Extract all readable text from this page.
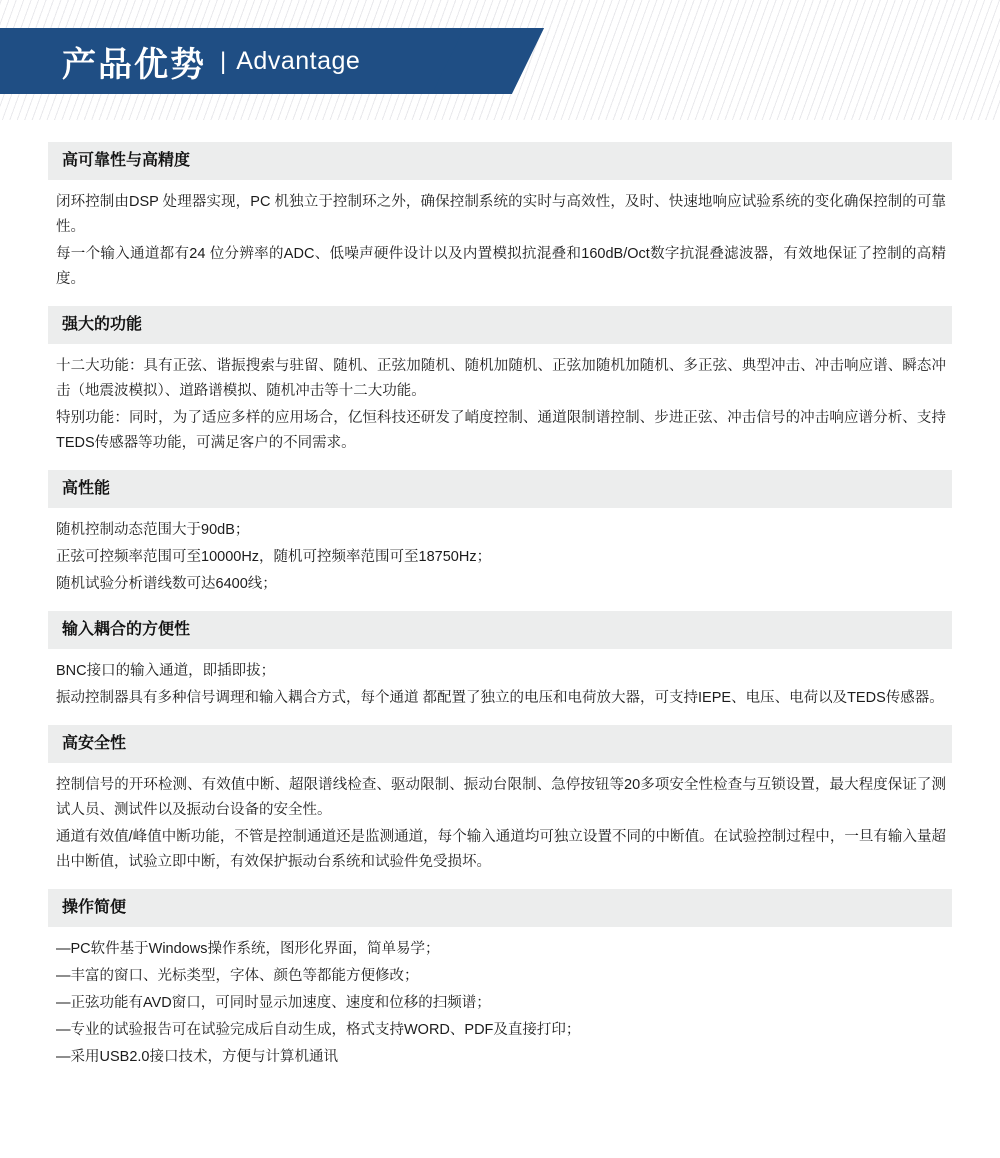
产品优势 | Advantage
高可靠性与高精度

闭环控制由DSP 处理器实现，PC 机独立于控制环之外，确保控制系统的实时与高效性，及时、快速地响应试验系统的变化确保控制的可靠性。

每一个输入通道都有24 位分辨率的ADC、低噪声硬件设计以及内置模拟抗混叠和160dB/Oct数字抗混叠滤波器，有效地保证了控制的高精度。

强大的功能

十二大功能：具有正弦、谐振搜索与驻留、随机、正弦加随机、随机加随机、正弦加随机加随机、多正弦、典型冲击、冲击响应谱、瞬态冲击（地震波模拟）、道路谱模拟、随机冲击等十二大功能。

特别功能：同时，为了适应多样的应用场合，亿恒科技还研发了峭度控制、通道限制谱控制、步进正弦、冲击信号的冲击响应谱分析、支持TEDS传感器等功能，可满足客户的不同需求。

高性能

随机控制动态范围大于90dB；

正弦可控频率范围可至10000Hz，随机可控频率范围可至18750Hz；

随机试验分析谱线数可达6400线；

输入耦合的方便性

BNC接口的输入通道，即插即拔；

振动控制器具有多种信号调理和输入耦合方式，每个通道 都配置了独立的电压和电荷放大器，可支持IEPE、电压、电荷以及TEDS传感器。

高安全性

控制信号的开环检测、有效值中断、超限谱线检查、驱动限制、振动台限制、急停按钮等20多项安全性检查与互锁设置，最大程度保证了测试人员、测试件以及振动台设备的安全性。

通道有效值/峰值中断功能，不管是控制通道还是监测通道，每个输入通道均可独立设置不同的中断值。在试验控制过程中，一旦有输入量超出中断值，试验立即中断，有效保护振动台系统和试验件免受损坏。

操作简便

—PC软件基于Windows操作系统，图形化界面，简单易学；

—丰富的窗口、光标类型，字体、颜色等都能方便修改；

—正弦功能有AVD窗口，可同时显示加速度、速度和位移的扫频谱；

—专业的试验报告可在试验完成后自动生成，格式支持WORD、PDF及直接打印；

—采用USB2.0接口技术，方便与计算机通讯
